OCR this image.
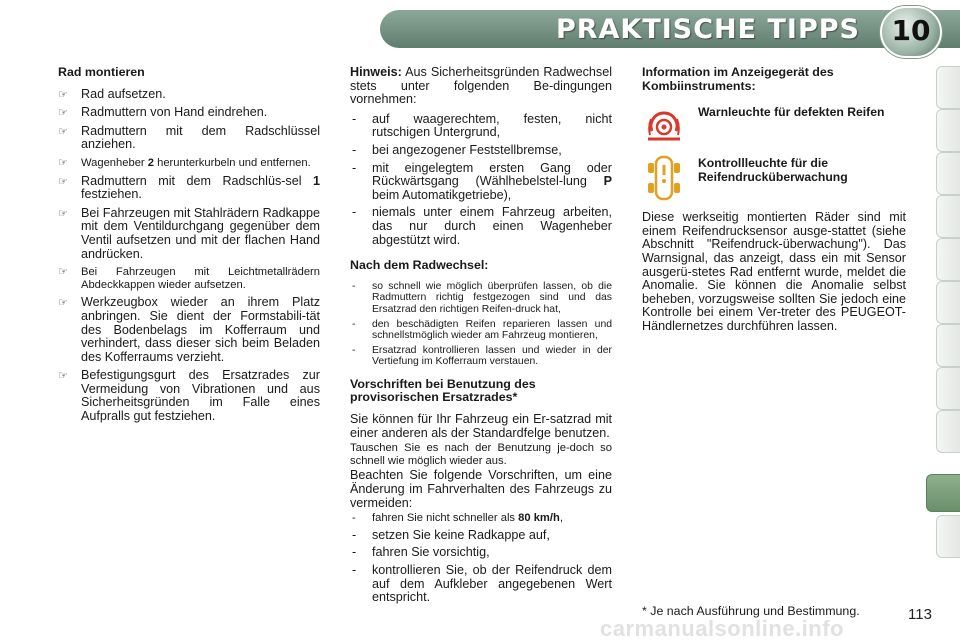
PRAKTISCHE TIPPS	10
Rad montieren
☞ Rad aufsetzen.
☞ Radmuttern von Hand eindrehen.
☞ Radmuttern mit dem Radschlüssel anziehen.
☞ Wagenheber 2 herunterkurbeln und entfernen.
☞ Radmuttern mit dem Radschlüs-sel 1 festziehen.
☞ Bei Fahrzeugen mit Stahlrädern Radkappe mit dem Ventildurchgang gegenüber dem Ventil aufsetzen und mit der flachen Hand andrücken.
☞ Bei Fahrzeugen mit Leichtmetallrädern Abdeckkappen wieder aufsetzen.
☞ Werkzeugbox wieder an ihrem Platz anbringen. Sie dient der Formstabili-tät des Bodenbelags im Kofferraum und verhindert, dass dieser sich beim Beladen des Kofferraums verzieht.
☞ Befestigungsgurt des Ersatzrades zur Vermeidung von Vibrationen und aus Sicherheitsgründen im Falle eines Aufpralls gut festziehen.

Hinweis: Aus Sicherheitsgründen Radwechsel stets unter folgenden Be-dingungen vornehmen:

- auf waagerechtem, festen, nicht rutschigen Untergrund,
- bei angezogener Feststellbremse,
- mit eingelegtem ersten Gang oder Rückwärtsgang (Wählhebelstel-lung P beim Automatikgetriebe),
- niemals unter einem Fahrzeug arbeiten, das nur durch einen Wagenheber abgestützt wird.
Nach dem Radwechsel:
- so schnell wie möglich überprüfen lassen, ob die Radmuttern richtig festgezogen sind und das Ersatzrad den richtigen Reifen-druck hat,
- den beschädigten Reifen reparieren lassen und schnellstmöglich wieder am Fahrzeug montieren,
- Ersatzrad kontrollieren lassen und wieder in der Vertiefung im Kofferraum verstauen.
Vorschriften bei Benutzung des provisorischen Ersatzrades*

Sie können für Ihr Fahrzeug ein Er-satzrad mit einer anderen als der Standardfelge benutzen.

Tauschen Sie es nach der Benutzung je-doch so schnell wie möglich wieder aus.

Beachten Sie folgende Vorschriften, um eine Änderung im Fahrverhalten des Fahrzeugs zu vermeiden:

- fahren Sie nicht schneller als 80 km/h,
- setzen Sie keine Radkappe auf,
- fahren Sie vorsichtig,
- kontrollieren Sie, ob der Reifendruck dem auf dem Aufkleber angegebenen Wert entspricht.
Information im Anzeigegerät des Kombiinstruments:
Warnleuchte für defekten Reifen
Kontrollleuchte für die Reifendrucküberwachung

Diese werkseitig montierten Räder sind mit einem Reifendrucksensor ausge-stattet (siehe Abschnitt "Reifendruck-überwachung"). Das Warnsignal, das anzeigt, dass ein mit Sensor ausgerü-stetes Rad entfernt wurde, meldet die Anomalie. Sie können die Anomalie selbst beheben, vorzugsweise sollten Sie jedoch eine Kontrolle bei einem Ver-treter des PEUGEOT-Händlernetzes durchführen lassen.

* Je nach Ausführung und Bestimmung.	113
carmanualsonline.info
